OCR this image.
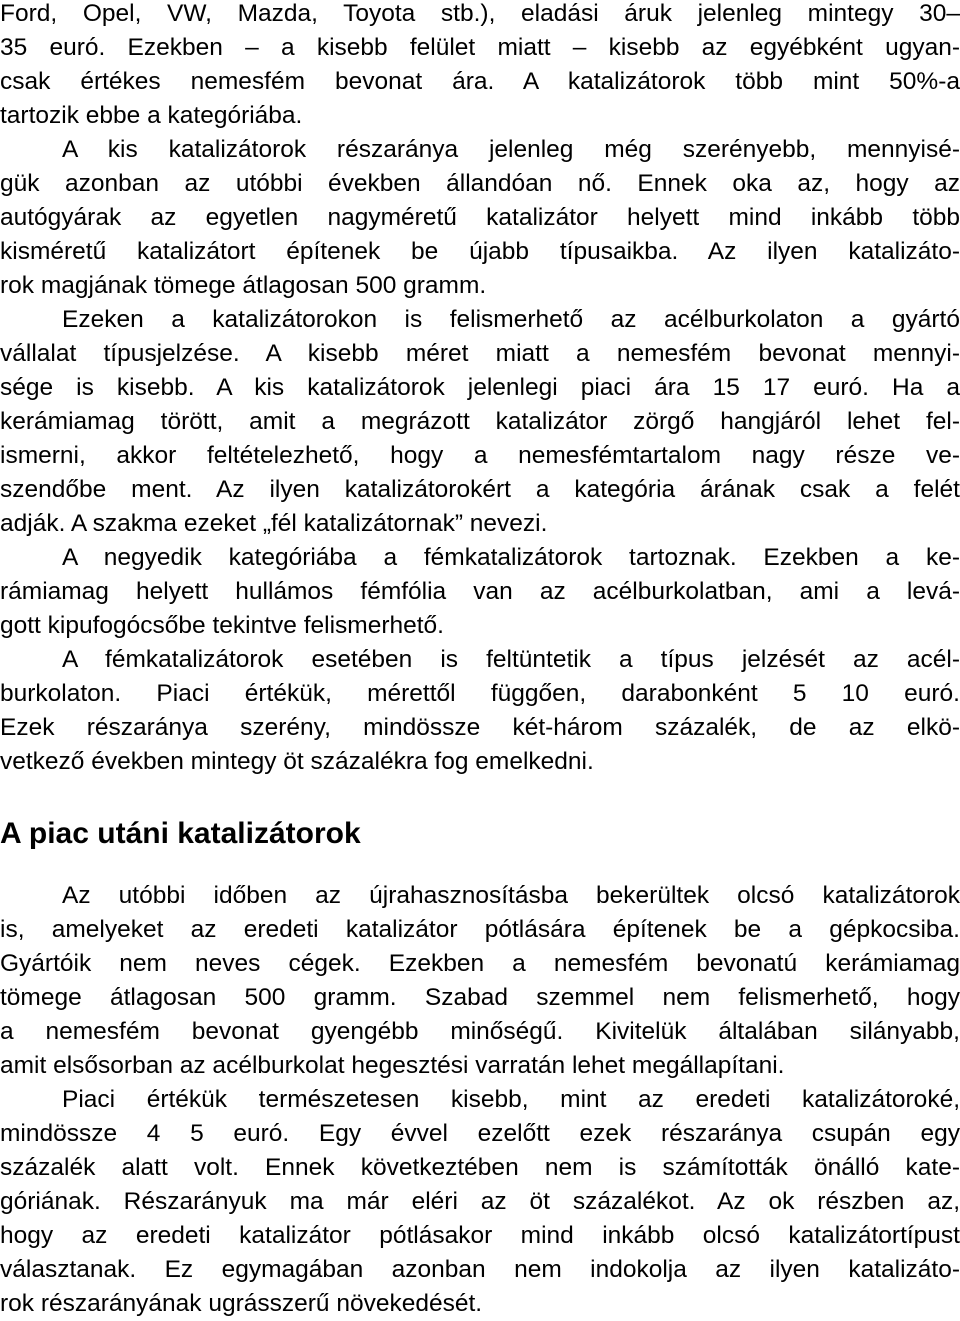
Ford, Opel, VW, Mazda, Toyota stb.), eladási áruk jelenleg mintegy 30–
35 euró. Ezekben – a kisebb felület miatt – kisebb az egyébként ugyan-
csak értékes nemesfém bevonat ára. A katalizátorok több mint 50%-a
tartozik ebbe a kategóriába.
A kis katalizátorok részaránya jelenleg még szerényebb, mennyisé-
gük azonban az utóbbi években állandóan nő. Ennek oka az, hogy az
autógyárak az egyetlen nagyméretű katalizátor helyett mind inkább több
kisméretű katalizátort építenek be újabb típusaikba. Az ilyen katalizáto-
rok magjának tömege átlagosan 500 gramm.
Ezeken a katalizátorokon is felismerhető az acélburkolaton a gyártó
vállalat típusjelzése. A kisebb méret miatt a nemesfém bevonat mennyi-
sége is kisebb. A kis katalizátorok jelenlegi piaci ára 15 17 euró. Ha a
kerámiamag törött, amit a megrázott katalizátor zörgő hangjáról lehet fel-
ismerni, akkor feltételezhető, hogy a nemesfémtartalom nagy része ve-
szendőbe ment. Az ilyen katalizátorokért a kategória árának csak a felét
adják. A szakma ezeket „fél katalizátornak” nevezi.
A negyedik kategóriába a fémkatalizátorok tartoznak. Ezekben a ke-
rámiamag helyett hullámos fémfólia van az acélburkolatban, ami a levá-
gott kipufogócsőbe tekintve felismerhető.
A fémkatalizátorok esetében is feltüntetik a típus jelzését az acél-
burkolaton. Piaci értékük, mérettől függően, darabonként 5 10 euró.
Ezek részaránya szerény, mindössze két-három százalék, de az elkö-
vetkező években mintegy öt százalékra fog emelkedni.
A piac utáni katalizátorok
Az utóbbi időben az újrahasznosításba bekerültek olcsó katalizátorok
is, amelyeket az eredeti katalizátor pótlására építenek be a gépkocsiba.
Gyártóik nem neves cégek. Ezekben a nemesfém bevonatú kerámiamag
tömege átlagosan 500 gramm. Szabad szemmel nem felismerhető, hogy
a nemesfém bevonat gyengébb minőségű. Kivitelük általában silányabb,
amit elsősorban az acélburkolat hegesztési varratán lehet megállapítani.
Piaci értékük természetesen kisebb, mint az eredeti katalizátoroké,
mindössze 4 5 euró. Egy évvel ezelőtt ezek részaránya csupán egy
százalék alatt volt. Ennek következtében nem is számították önálló kate-
góriának. Részarányuk ma már eléri az öt százalékot. Az ok részben az,
hogy az eredeti katalizátor pótlásakor mind inkább olcsó katalizátortípust
választanak. Ez egymagában azonban nem indokolja az ilyen katalizáto-
rok részarányának ugrásszerű növekedését.
